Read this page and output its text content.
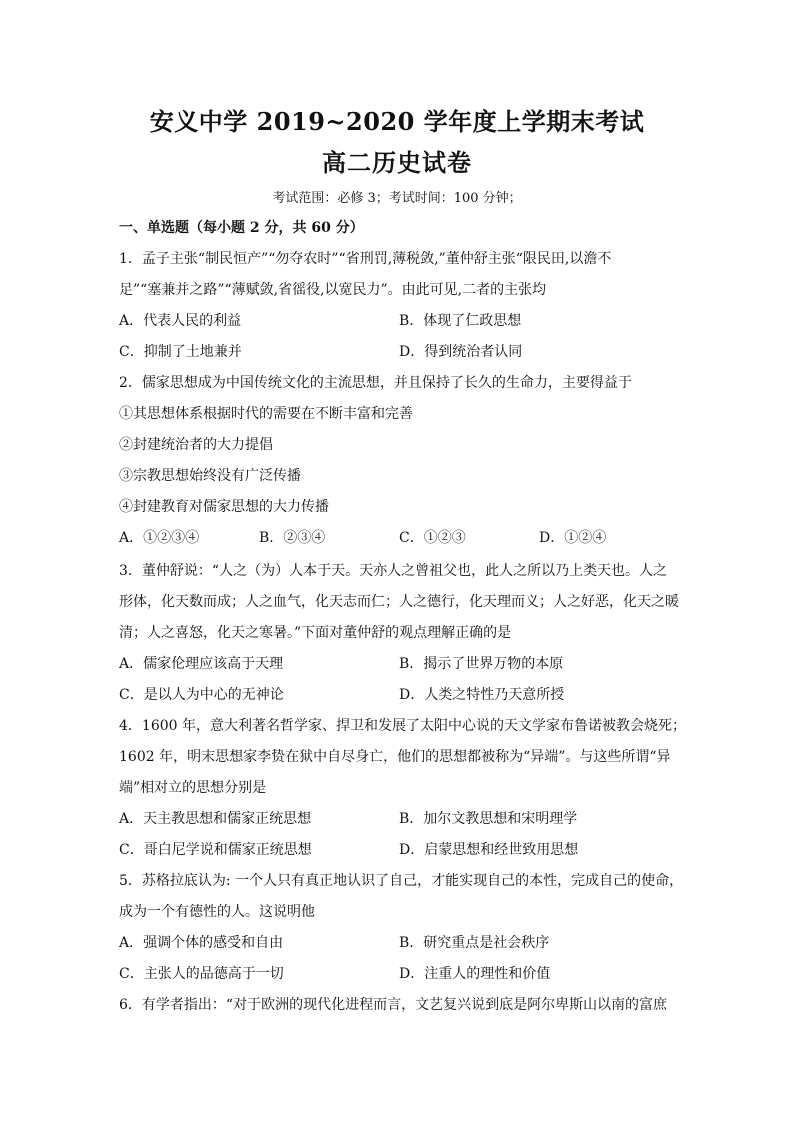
安义中学 2019~2020 学年度上学期末考试
高二历史试卷
考试范围：必修 3；考试时间：100 分钟；
一、单选题（每小题 2 分，共 60 分）
1．孟子主张“制民恒产”“勿夺农时”“省刑罚,薄税敛,”董仲舒主张“限民田,以澹不
足”“塞兼并之路”“薄赋敛,省徭役,以宽民力”。由此可见,二者的主张均
A．代表人民的利益	B．体现了仁政思想
C．抑制了土地兼并	D．得到统治者认同
2．儒家思想成为中国传统文化的主流思想，并且保持了长久的生命力，主要得益于
①其思想体系根据时代的需要在不断丰富和完善
②封建统治者的大力提倡
③宗教思想始终没有广泛传播
④封建教育对儒家思想的大力传播
A．①②③④	B．②③④	C．①②③	D．①②④
3．董仲舒说：“人之（为）人本于天。天亦人之曾祖父也，此人之所以乃上类天也。人之
形体，化天数而成；人之血气，化天志而仁；人之德行，化天理而义；人之好恶，化天之暖
清；人之喜怒，化天之寒暑。”下面对董仲舒的观点理解正确的是
A．儒家伦理应该高于天理	B．揭示了世界万物的本原
C．是以人为中心的无神论	D．人类之特性乃天意所授
4．1600 年，意大利著名哲学家、捍卫和发展了太阳中心说的天文学家布鲁诺被教会烧死；
1602 年，明末思想家李贽在狱中自尽身亡，他们的思想都被称为“异端”。与这些所谓“异
端”相对立的思想分别是
A．天主教思想和儒家正统思想	B．加尔文教思想和宋明理学
C．哥白尼学说和儒家正统思想	D．启蒙思想和经世致用思想
5．苏格拉底认为: 一个人只有真正地认识了自己，才能实现自己的本性，完成自己的使命，
成为一个有德性的人。这说明他
A．强调个体的感受和自由	B．研究重点是社会秩序
C．主张人的品德高于一切	D．注重人的理性和价值
6．有学者指出：“对于欧洲的现代化进程而言，文艺复兴说到底是阿尔卑斯山以南的富庶
